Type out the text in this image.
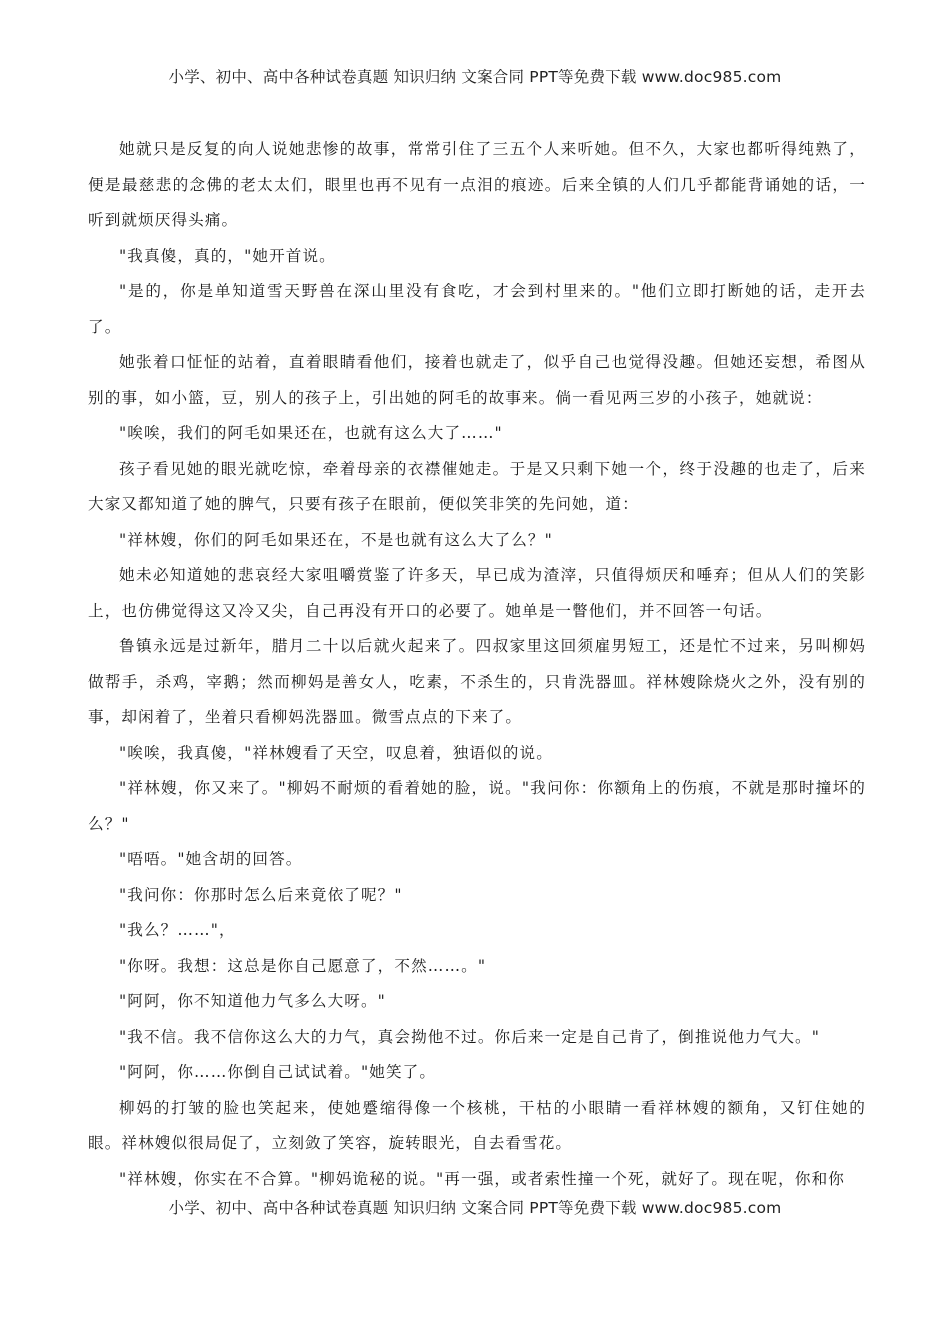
小学、初中、高中各种试卷真题 知识归纳 文案合同 PPT等免费下载 www.doc985.com

她就只是反复的向人说她悲惨的故事，常常引住了三五个人来听她。但不久，大家也都听得纯熟了，便是最慈悲的念佛的老太太们，眼里也再不见有一点泪的痕迹。后来全镇的人们几乎都能背诵她的话，一听到就烦厌得头痛。

"我真傻，真的，"她开首说。

"是的，你是单知道雪天野兽在深山里没有食吃，才会到村里来的。"他们立即打断她的话，走开去了。

她张着口怔怔的站着，直着眼睛看他们，接着也就走了，似乎自己也觉得没趣。但她还妄想，希图从别的事，如小篮，豆，别人的孩子上，引出她的阿毛的故事来。倘一看见两三岁的小孩子，她就说：

"唉唉，我们的阿毛如果还在，也就有这么大了……"

孩子看见她的眼光就吃惊，牵着母亲的衣襟催她走。于是又只剩下她一个，终于没趣的也走了，后来大家又都知道了她的脾气，只要有孩子在眼前，便似笑非笑的先问她，道：

"祥林嫂，你们的阿毛如果还在，不是也就有这么大了么？"

她未必知道她的悲哀经大家咀嚼赏鉴了许多天，早已成为渣滓，只值得烦厌和唾弃；但从人们的笑影上，也仿佛觉得这又冷又尖，自己再没有开口的必要了。她单是一瞥他们，并不回答一句话。

鲁镇永远是过新年，腊月二十以后就火起来了。四叔家里这回须雇男短工，还是忙不过来，另叫柳妈做帮手，杀鸡，宰鹅；然而柳妈是善女人，吃素，不杀生的，只肯洗器皿。祥林嫂除烧火之外，没有别的事，却闲着了，坐着只看柳妈洗器皿。微雪点点的下来了。

"唉唉，我真傻，"祥林嫂看了天空，叹息着，独语似的说。

"祥林嫂，你又来了。"柳妈不耐烦的看着她的脸，说。"我问你：你额角上的伤痕，不就是那时撞坏的么？"

"唔唔。"她含胡的回答。

"我问你：你那时怎么后来竟依了呢？"

"我么？……"，

"你呀。我想：这总是你自己愿意了，不然……。"

"阿阿，你不知道他力气多么大呀。"

"我不信。我不信你这么大的力气，真会拗他不过。你后来一定是自己肯了，倒推说他力气大。"

"阿阿，你……你倒自己试试着。"她笑了。

柳妈的打皱的脸也笑起来，使她蹙缩得像一个核桃，干枯的小眼睛一看祥林嫂的额角，又钉住她的眼。祥林嫂似很局促了，立刻敛了笑容，旋转眼光，自去看雪花。

"祥林嫂，你实在不合算。"柳妈诡秘的说。"再一强，或者索性撞一个死，就好了。现在呢，你和你

小学、初中、高中各种试卷真题 知识归纳 文案合同 PPT等免费下载 www.doc985.com
